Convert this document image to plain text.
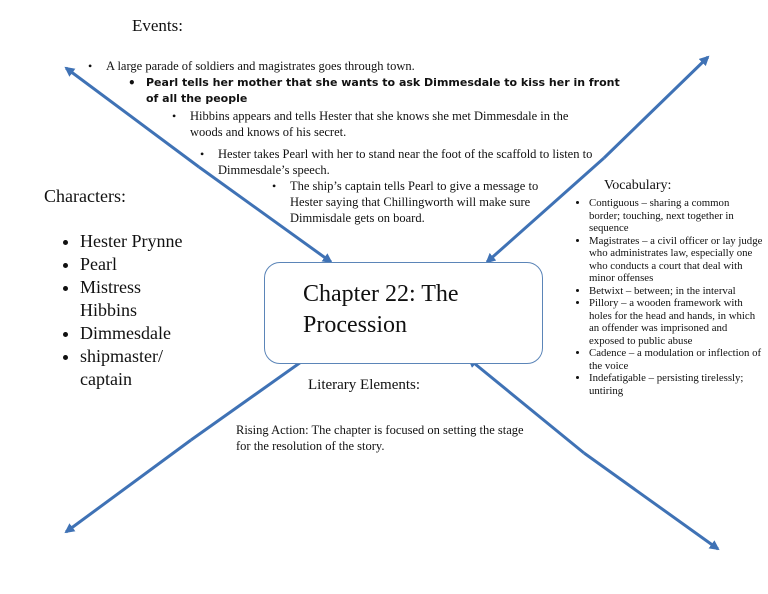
Events:
• A large parade of soldiers and magistrates goes through town.
• Pearl tells her mother that she wants to ask Dimmesdale to kiss her in front of all the people
• Hibbins appears and tells Hester that she knows she met Dimmesdale in the woods and knows of his secret.
• Hester takes Pearl with her to stand near the foot of the scaffold to listen to Dimmesdale’s speech.
• The ship’s captain tells Pearl to give a message to Hester saying that Chillingworth will make sure Dimmisdale gets on board.
Characters:
• Hester Prynne
• Pearl
• Mistress Hibbins
• Dimmesdale
• shipmaster/ captain
Chapter 22: The Procession
Vocabulary:
• Contiguous – sharing a common border; touching, next together in sequence
• Magistrates – a civil officer or lay judge who administrates law, especially one who conducts a court that deal with minor offenses
• Betwixt – between; in the interval
• Pillory – a wooden framework with holes for the head and hands, in which an offender was imprisoned and exposed to public abuse
• Cadence – a modulation or inflection of the voice
• Indefatigable – persisting tirelessly; untiring
Literary Elements:
Rising Action: The chapter is focused on setting the stage for the resolution of the story.
